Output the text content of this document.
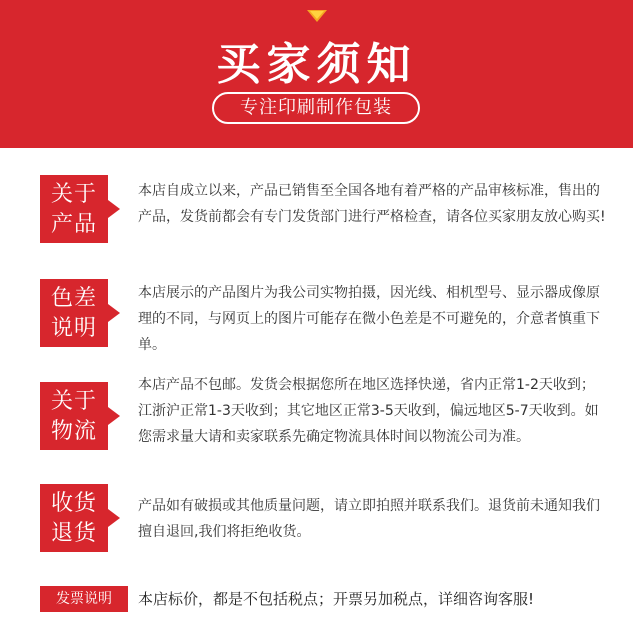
买家须知
专注印刷制作包装
关于
产品
本店自成立以来，产品已销售至全国各地有着严格的产品审核标准，售出的产品，发货前都会有专门发货部门进行严格检查，请各位买家朋友放心购买!
色差
说明
本店展示的产品图片为我公司实物拍摄，因光线、相机型号、显示器成像原理的不同，与网页上的图片可能存在微小色差是不可避免的，介意者慎重下单。
关于
物流
本店产品不包邮。发货会根据您所在地区选择快递，省内正常1-2天收到；江浙沪正常1-3天收到；其它地区正常3-5天收到，偏远地区5-7天收到。如您需求量大请和卖家联系先确定物流具体时间以物流公司为准。
收货
退货
产品如有破损或其他质量问题，请立即拍照并联系我们。退货前未通知我们擅自退回,我们将拒绝收货。
发票说明	本店标价，都是不包括税点；开票另加税点，详细咨询客服!
